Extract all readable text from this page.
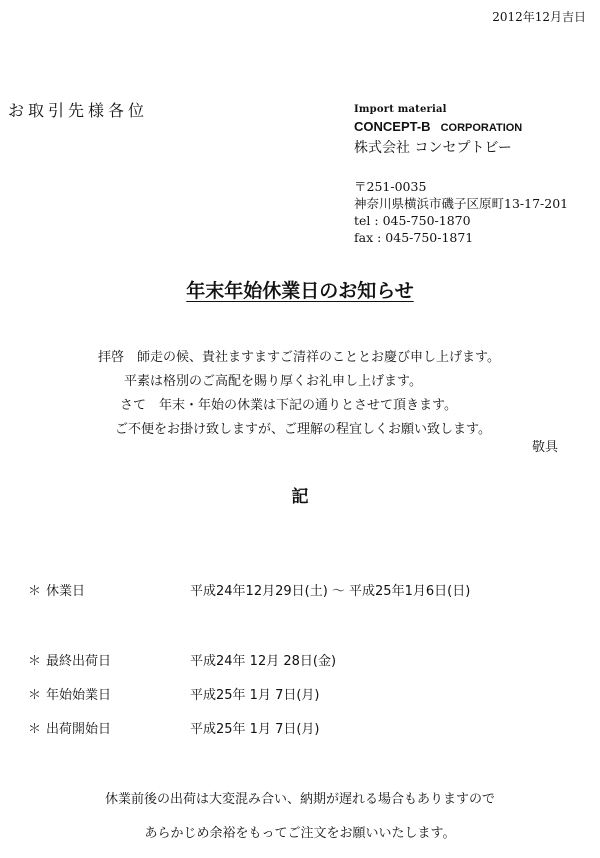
2012年12月吉日
お取引先様各位	Import material
CONCEPT-B CORPORATION
株式会社 コンセプトビー
〒251-0035
神奈川県横浜市磯子区原町13-17-201
tel : 045-750-1870
fax : 045-750-1871
年末年始休業日のお知らせ
拝啓　師走の候、貴社ますますご清祥のこととお慶び申し上げます。
平素は格別のご高配を賜り厚くお礼申し上げます。
さて　年末・年始の休業は下記の通りとさせて頂きます。
ご不便をお掛け致しますが、ご理解の程宜しくお願い致します。
敬具
記
＊ 休業日	平成24年12月29日(土) ～ 平成25年1月6日(日)
＊ 最終出荷日	平成24年 12月 28日(金)
＊ 年始始業日	平成25年 1月 7日(月)
＊ 出荷開始日	平成25年 1月 7日(月)
休業前後の出荷は大変混み合い、納期が遅れる場合もありますので
あらかじめ余裕をもってご注文をお願いいたします。
